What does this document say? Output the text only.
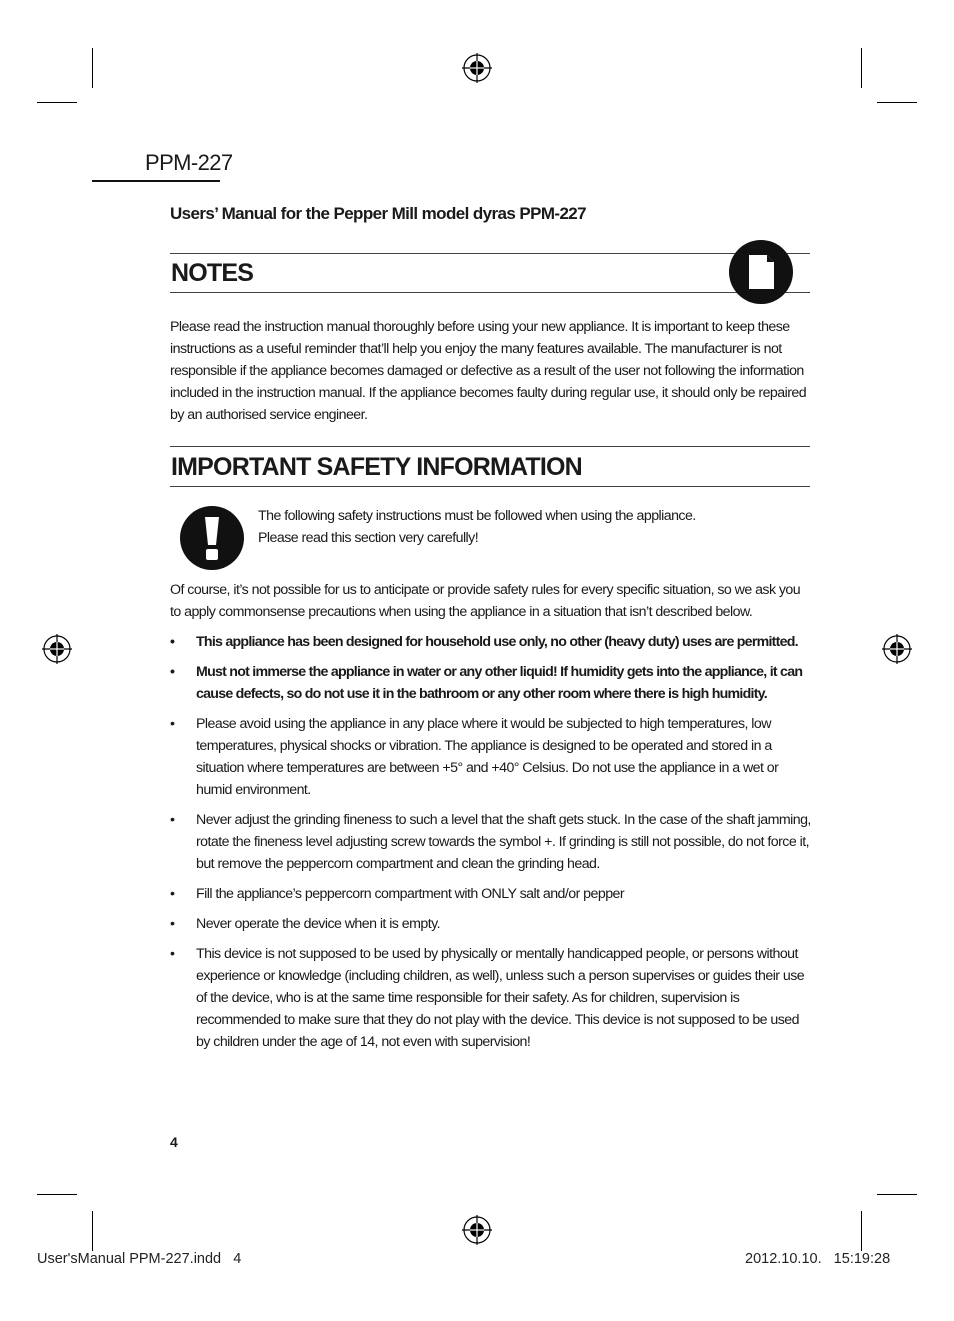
PPM-227
Users’ Manual for the Pepper Mill model dyras PPM-227
NOTES
Please read the instruction manual thoroughly before using your new appliance. It is important to keep these instructions as a useful reminder that’ll help you enjoy the many features available. The manufacturer is not responsible if the appliance becomes damaged or defective as a result of the user not following the information included in the instruction manual. If the appliance becomes faulty during regular use, it should only be repaired by an authorised service engineer.
IMPORTANT SAFETY INFORMATION
The following safety instructions must be followed when using the appliance.
Please read this section very carefully!
Of course, it’s not possible for us to anticipate or provide safety rules for every specific situation, so we ask you to apply commonsense precautions when using the appliance in a situation that isn’t described below.
• This appliance has been designed for household use only, no other (heavy duty) uses are permitted.
• Must not immerse the appliance in water or any other liquid! If humidity gets into the appliance, it can cause defects, so do not use it in the bathroom or any other room where there is high humidity.
• Please avoid using the appliance in any place where it would be subjected to high temperatures, low temperatures, physical shocks or vibration. The appliance is designed to be operated and stored in a situation where temperatures are between +5° and +40° Celsius. Do not use the appliance in a wet or humid environment.
• Never adjust the grinding fineness to such a level that the shaft gets stuck. In the case of the shaft jamming, rotate the fineness level adjusting screw towards the symbol +. If grinding is still not possible, do not force it, but remove the peppercorn compartment and clean the grinding head.
• Fill the appliance’s peppercorn compartment with ONLY salt and/or pepper
• Never operate the device when it is empty.
• This device is not supposed to be used by physically or mentally handicapped people, or persons without experience or knowledge (including children, as well), unless such a person supervises or guides their use of the device, who is at the same time responsible for their safety. As for children, supervision is recommended to make sure that they do not play with the device. This device is not supposed to be used by children under the age of 14, not even with supervision!
4
User'sManual PPM-227.indd   4	2012.10.10.   15:19:28
